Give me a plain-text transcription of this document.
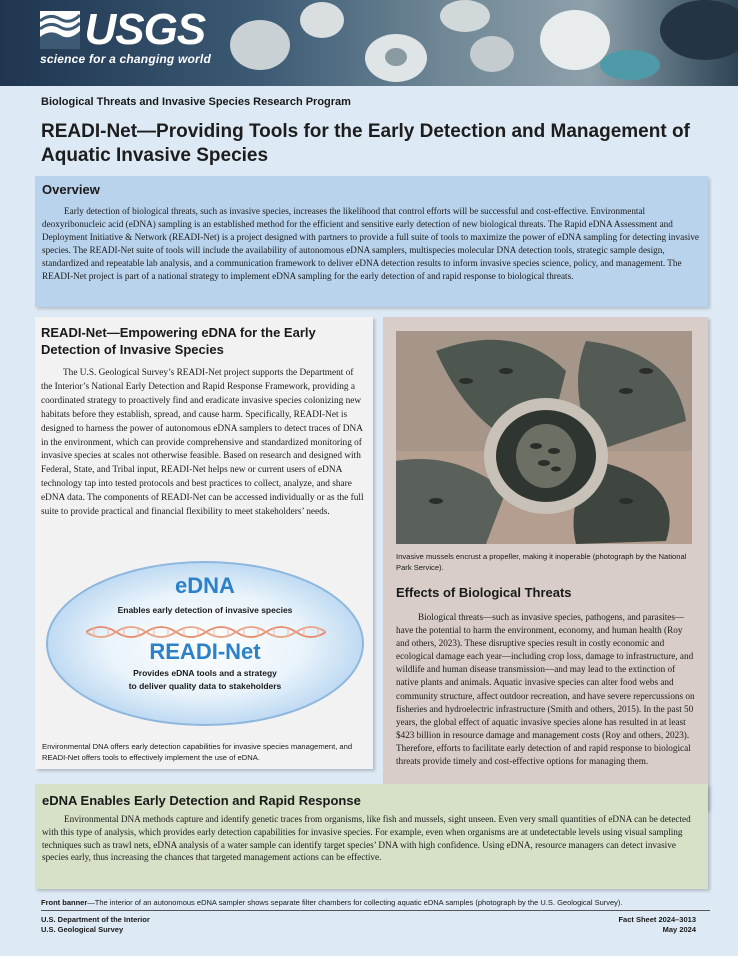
USGS
science for a changing world
Biological Threats and Invasive Species Research Program
READI-Net—Providing Tools for the Early Detection and Management of Aquatic Invasive Species
Overview

Early detection of biological threats, such as invasive species, increases the likelihood that control efforts will be successful and cost-effective. Environmental deoxyribonucleic acid (eDNA) sampling is an established method for the efficient and sensitive early detection of new biological threats. The Rapid eDNA Assessment and Deployment Initiative & Network (READI-Net) is a project designed with partners to provide a full suite of tools to maximize the power of eDNA sampling for detecting invasive species. The READI-Net suite of tools will include the availability of autonomous eDNA samplers, multispecies molecular DNA detection tools, strategic sample design, standardized and repeatable lab analysis, and a communication framework to deliver eDNA detection results to inform invasive species science, policy, and management. The READI-Net project is part of a national strategy to implement eDNA sampling for the early detection of and rapid response to biological threats.

READI-Net—Empowering eDNA for the Early Detection of Invasive Species

The U.S. Geological Survey’s READI-Net project supports the Department of the Interior’s National Early Detection and Rapid Response Framework, providing a coordinated strategy to proactively find and eradicate invasive species colonizing new habitats before they establish, spread, and cause harm. Specifically, READI-Net is designed to harness the power of autonomous eDNA samplers to detect traces of DNA in the environment, which can provide comprehensive and standardized monitoring of invasive species at scales not otherwise feasible. Based on research and designed with Federal, State, and Tribal input, READI-Net helps new or current users of eDNA technology tap into tested protocols and best practices to collect, analyze, and share eDNA data. The components of READI-Net can be accessed individually or as the full suite to provide practical and financial flexibility to meet stakeholders’ needs.

eDNA
Enables early detection of invasive species
READI-Net
Provides eDNA tools and a strategy
to deliver quality data to stakeholders
Environmental DNA offers early detection capabilities for invasive species management, and READI-Net offers tools to effectively implement the use of eDNA.
Invasive mussels encrust a propeller, making it inoperable (photograph by the National Park Service).
Effects of Biological Threats

Biological threats—such as invasive species, pathogens, and parasites—have the potential to harm the environment, economy, and human health (Roy and others, 2023). These disruptive species result in costly economic and ecological damage each year—including crop loss, damage to infrastructure, and wildlife and human disease transmission—and may lead to the extinction of native plants and animals. Aquatic invasive species can alter food webs and community structure, affect outdoor recreation, and have severe repercussions on fisheries and hydroelectric infrastructure (Smith and others, 2015). In the past 50 years, the global effect of aquatic invasive species alone has resulted in at least $423 billion in resource damage and management costs (Roy and others, 2023). Therefore, efforts to facilitate early detection of and rapid response to biological threats provide timely and cost-effective options for managing them.

eDNA Enables Early Detection and Rapid Response

Environmental DNA methods capture and identify genetic traces from organisms, like fish and mussels, sight unseen. Even very small quantities of eDNA can be detected with this type of analysis, which provides early detection capabilities for invasive species. For example, even when organisms are at undetectable levels using visual sampling techniques such as trawl nets, eDNA analysis of a water sample can identify target species’ DNA with high confidence. Using eDNA, resource managers can detect invasive species early, thus increasing the chances that targeted management actions can be effective.

Front banner—The interior of an autonomous eDNA sampler shows separate filter chambers for collecting aquatic eDNA samples (photograph by the U.S. Geological Survey).
U.S. Department of the Interior
U.S. Geological Survey
Fact Sheet 2024–3013
May 2024
